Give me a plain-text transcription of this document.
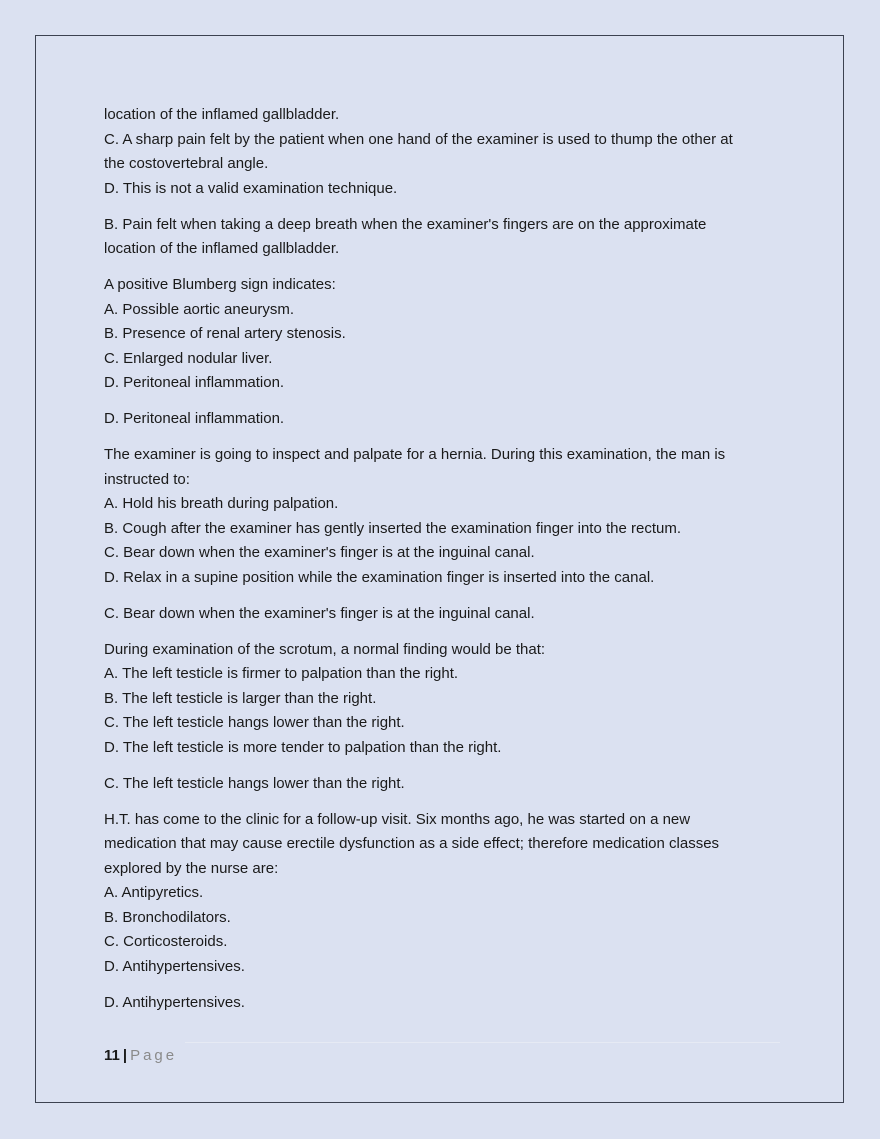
location of the inflamed gallbladder.
C. A sharp pain felt by the patient when one hand of the examiner is used to thump the other at
the costovertebral angle.
D. This is not a valid examination technique.
B. Pain felt when taking a deep breath when the examiner's fingers are on the approximate
location of the inflamed gallbladder.
A positive Blumberg sign indicates:
A. Possible aortic aneurysm.
B. Presence of renal artery stenosis.
C. Enlarged nodular liver.
D. Peritoneal inflammation.
D. Peritoneal inflammation.
The examiner is going to inspect and palpate for a hernia. During this examination, the man is
instructed to:
A. Hold his breath during palpation.
B. Cough after the examiner has gently inserted the examination finger into the rectum.
C. Bear down when the examiner's finger is at the inguinal canal.
D. Relax in a supine position while the examination finger is inserted into the canal.
C. Bear down when the examiner's finger is at the inguinal canal.
During examination of the scrotum, a normal finding would be that:
A. The left testicle is firmer to palpation than the right.
B. The left testicle is larger than the right.
C. The left testicle hangs lower than the right.
D. The left testicle is more tender to palpation than the right.
C. The left testicle hangs lower than the right.
H.T. has come to the clinic for a follow-up visit. Six months ago, he was started on a new
medication that may cause erectile dysfunction as a side effect; therefore medication classes
explored by the nurse are:
A. Antipyretics.
B. Bronchodilators.
C. Corticosteroids.
D. Antihypertensives.
D. Antihypertensives.
11 | Page
